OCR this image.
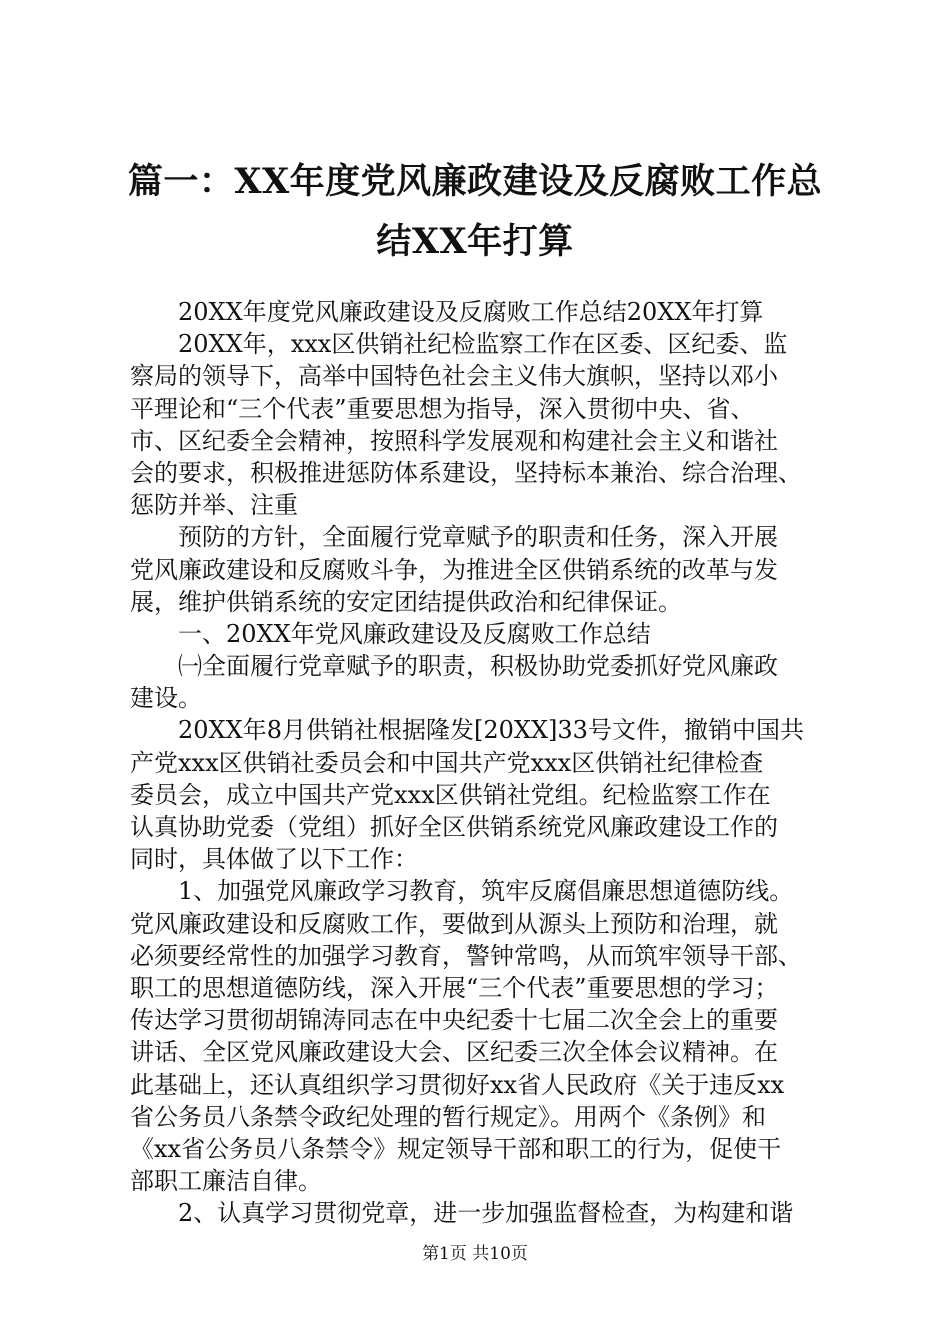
篇一：XX年度党风廉政建设及反腐败工作总
结XX年打算
20XX年度党风廉政建设及反腐败工作总结20XX年打算
20XX年，xxx区供销社纪检监察工作在区委、区纪委、监
察局的领导下，高举中国特色社会主义伟大旗帜，坚持以邓小
平理论和“三个代表”重要思想为指导，深入贯彻中央、省、
市、区纪委全会精神，按照科学发展观和构建社会主义和谐社
会的要求，积极推进惩防体系建设，坚持标本兼治、综合治理、
惩防并举、注重
预防的方针，全面履行党章赋予的职责和任务，深入开展
党风廉政建设和反腐败斗争，为推进全区供销系统的改革与发
展，维护供销系统的安定团结提供政治和纪律保证。
一、20XX年党风廉政建设及反腐败工作总结
㈠全面履行党章赋予的职责，积极协助党委抓好党风廉政
建设。
20XX年8月供销社根据隆发[20XX]33号文件，撤销中国共
产党xxx区供销社委员会和中国共产党xxx区供销社纪律检查
委员会，成立中国共产党xxx区供销社党组。纪检监察工作在
认真协助党委（党组）抓好全区供销系统党风廉政建设工作的
同时，具体做了以下工作：
1、加强党风廉政学习教育，筑牢反腐倡廉思想道德防线。
党风廉政建设和反腐败工作，要做到从源头上预防和治理，就
必须要经常性的加强学习教育，警钟常鸣，从而筑牢领导干部、
职工的思想道德防线，深入开展“三个代表”重要思想的学习；
传达学习贯彻胡锦涛同志在中央纪委十七届二次全会上的重要
讲话、全区党风廉政建设大会、区纪委三次全体会议精神。在
此基础上，还认真组织学习贯彻好xx省人民政府《关于违反xx
省公务员八条禁令政纪处理的暂行规定》。用两个《条例》和
《xx省公务员八条禁令》规定领导干部和职工的行为，促使干
部职工廉洁自律。
2、认真学习贯彻党章，进一步加强监督检查，为构建和谐
第1页 共10页
